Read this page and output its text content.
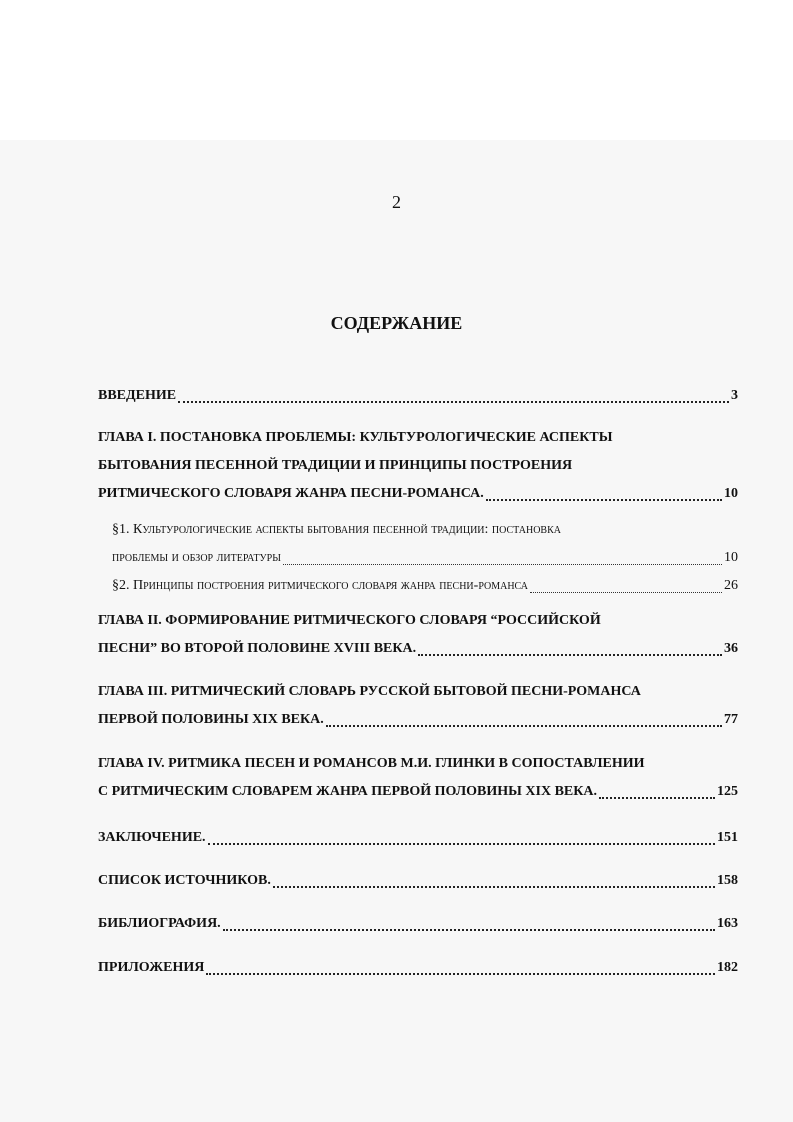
2
СОДЕРЖАНИЕ
ВВЕДЕНИЕ	3
ГЛАВА I. ПОСТАНОВКА ПРОБЛЕМЫ: КУЛЬТУРОЛОГИЧЕСКИЕ АСПЕКТЫ
БЫТОВАНИЯ ПЕСЕННОЙ ТРАДИЦИИ И ПРИНЦИПЫ ПОСТРОЕНИЯ
РИТМИЧЕСКОГО СЛОВАРЯ ЖАНРА ПЕСНИ-РОМАНСА.	10
§1. Культурологические аспекты бытования песенной традиции: постановка
проблемы и обзор литературы	10
§2. Принципы построения ритмического словаря жанра песни-романса	26
ГЛАВА II. ФОРМИРОВАНИЕ РИТМИЧЕСКОГО СЛОВАРЯ “РОССИЙСКОЙ
ПЕСНИ” ВО ВТОРОЙ ПОЛОВИНЕ XVIII ВЕКА.	36
ГЛАВА III. РИТМИЧЕСКИЙ СЛОВАРЬ РУССКОЙ БЫТОВОЙ ПЕСНИ-РОМАНСА
ПЕРВОЙ ПОЛОВИНЫ XIX ВЕКА.	77
ГЛАВА IV. РИТМИКА ПЕСЕН И РОМАНСОВ М.И. ГЛИНКИ В СОПОСТАВЛЕНИИ
С РИТМИЧЕСКИМ СЛОВАРЕМ ЖАНРА ПЕРВОЙ ПОЛОВИНЫ XIX ВЕКА.	125
ЗАКЛЮЧЕНИЕ.	151
СПИСОК ИСТОЧНИКОВ.	158
БИБЛИОГРАФИЯ.	163
ПРИЛОЖЕНИЯ	182
